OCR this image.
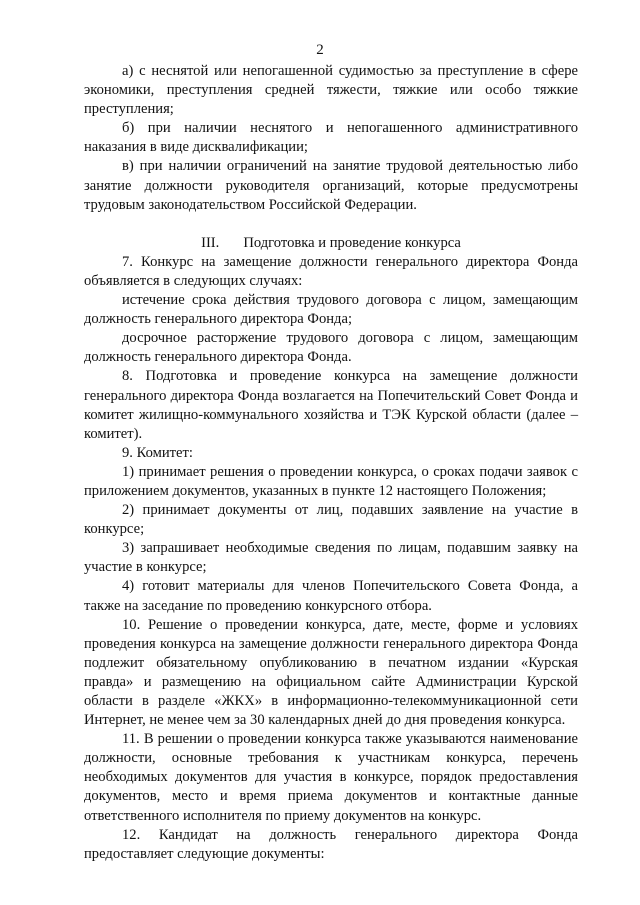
2

а) с неснятой или непогашенной судимостью за преступление в сфере экономики, преступления средней тяжести, тяжкие или особо тяжкие преступления;

б) при наличии неснятого и непогашенного административного наказания в виде дисквалификации;

в) при наличии ограничений на занятие трудовой деятельностью либо занятие должности руководителя организаций, которые предусмотрены трудовым законодательством Российской Федерации.

III. Подготовка и проведение конкурса

7. Конкурс на замещение должности генерального директора Фонда объявляется в следующих случаях:

истечение срока действия трудового договора с лицом, замещающим должность генерального директора Фонда;

досрочное расторжение трудового договора с лицом, замещающим должность генерального директора Фонда.

8. Подготовка и проведение конкурса на замещение должности генерального директора Фонда возлагается на Попечительский Совет Фонда и комитет жилищно-коммунального хозяйства и ТЭК Курской области (далее – комитет).

9. Комитет:

1) принимает решения о проведении конкурса, о сроках подачи заявок с приложением документов, указанных в пункте 12 настоящего Положения;

2) принимает документы от лиц, подавших заявление на участие в конкурсе;

3) запрашивает необходимые сведения по лицам, подавшим заявку на участие в конкурсе;

4) готовит материалы для членов Попечительского Совета Фонда, а также на заседание по проведению конкурсного отбора.

10. Решение о проведении конкурса, дате, месте, форме и условиях проведения конкурса на замещение должности генерального директора Фонда подлежит обязательному опубликованию в печатном издании «Курская правда» и размещению на официальном сайте Администрации Курской области в разделе «ЖКХ» в информационно-телекоммуникационной сети Интернет, не менее чем за 30 календарных дней до дня проведения конкурса.

11. В решении о проведении конкурса также указываются наименование должности, основные требования к участникам конкурса, перечень необходимых документов для участия в конкурсе, порядок предоставления документов, место и время приема документов и контактные данные ответственного исполнителя по приему документов на конкурс.

12. Кандидат на должность генерального директора Фонда предоставляет следующие документы:
